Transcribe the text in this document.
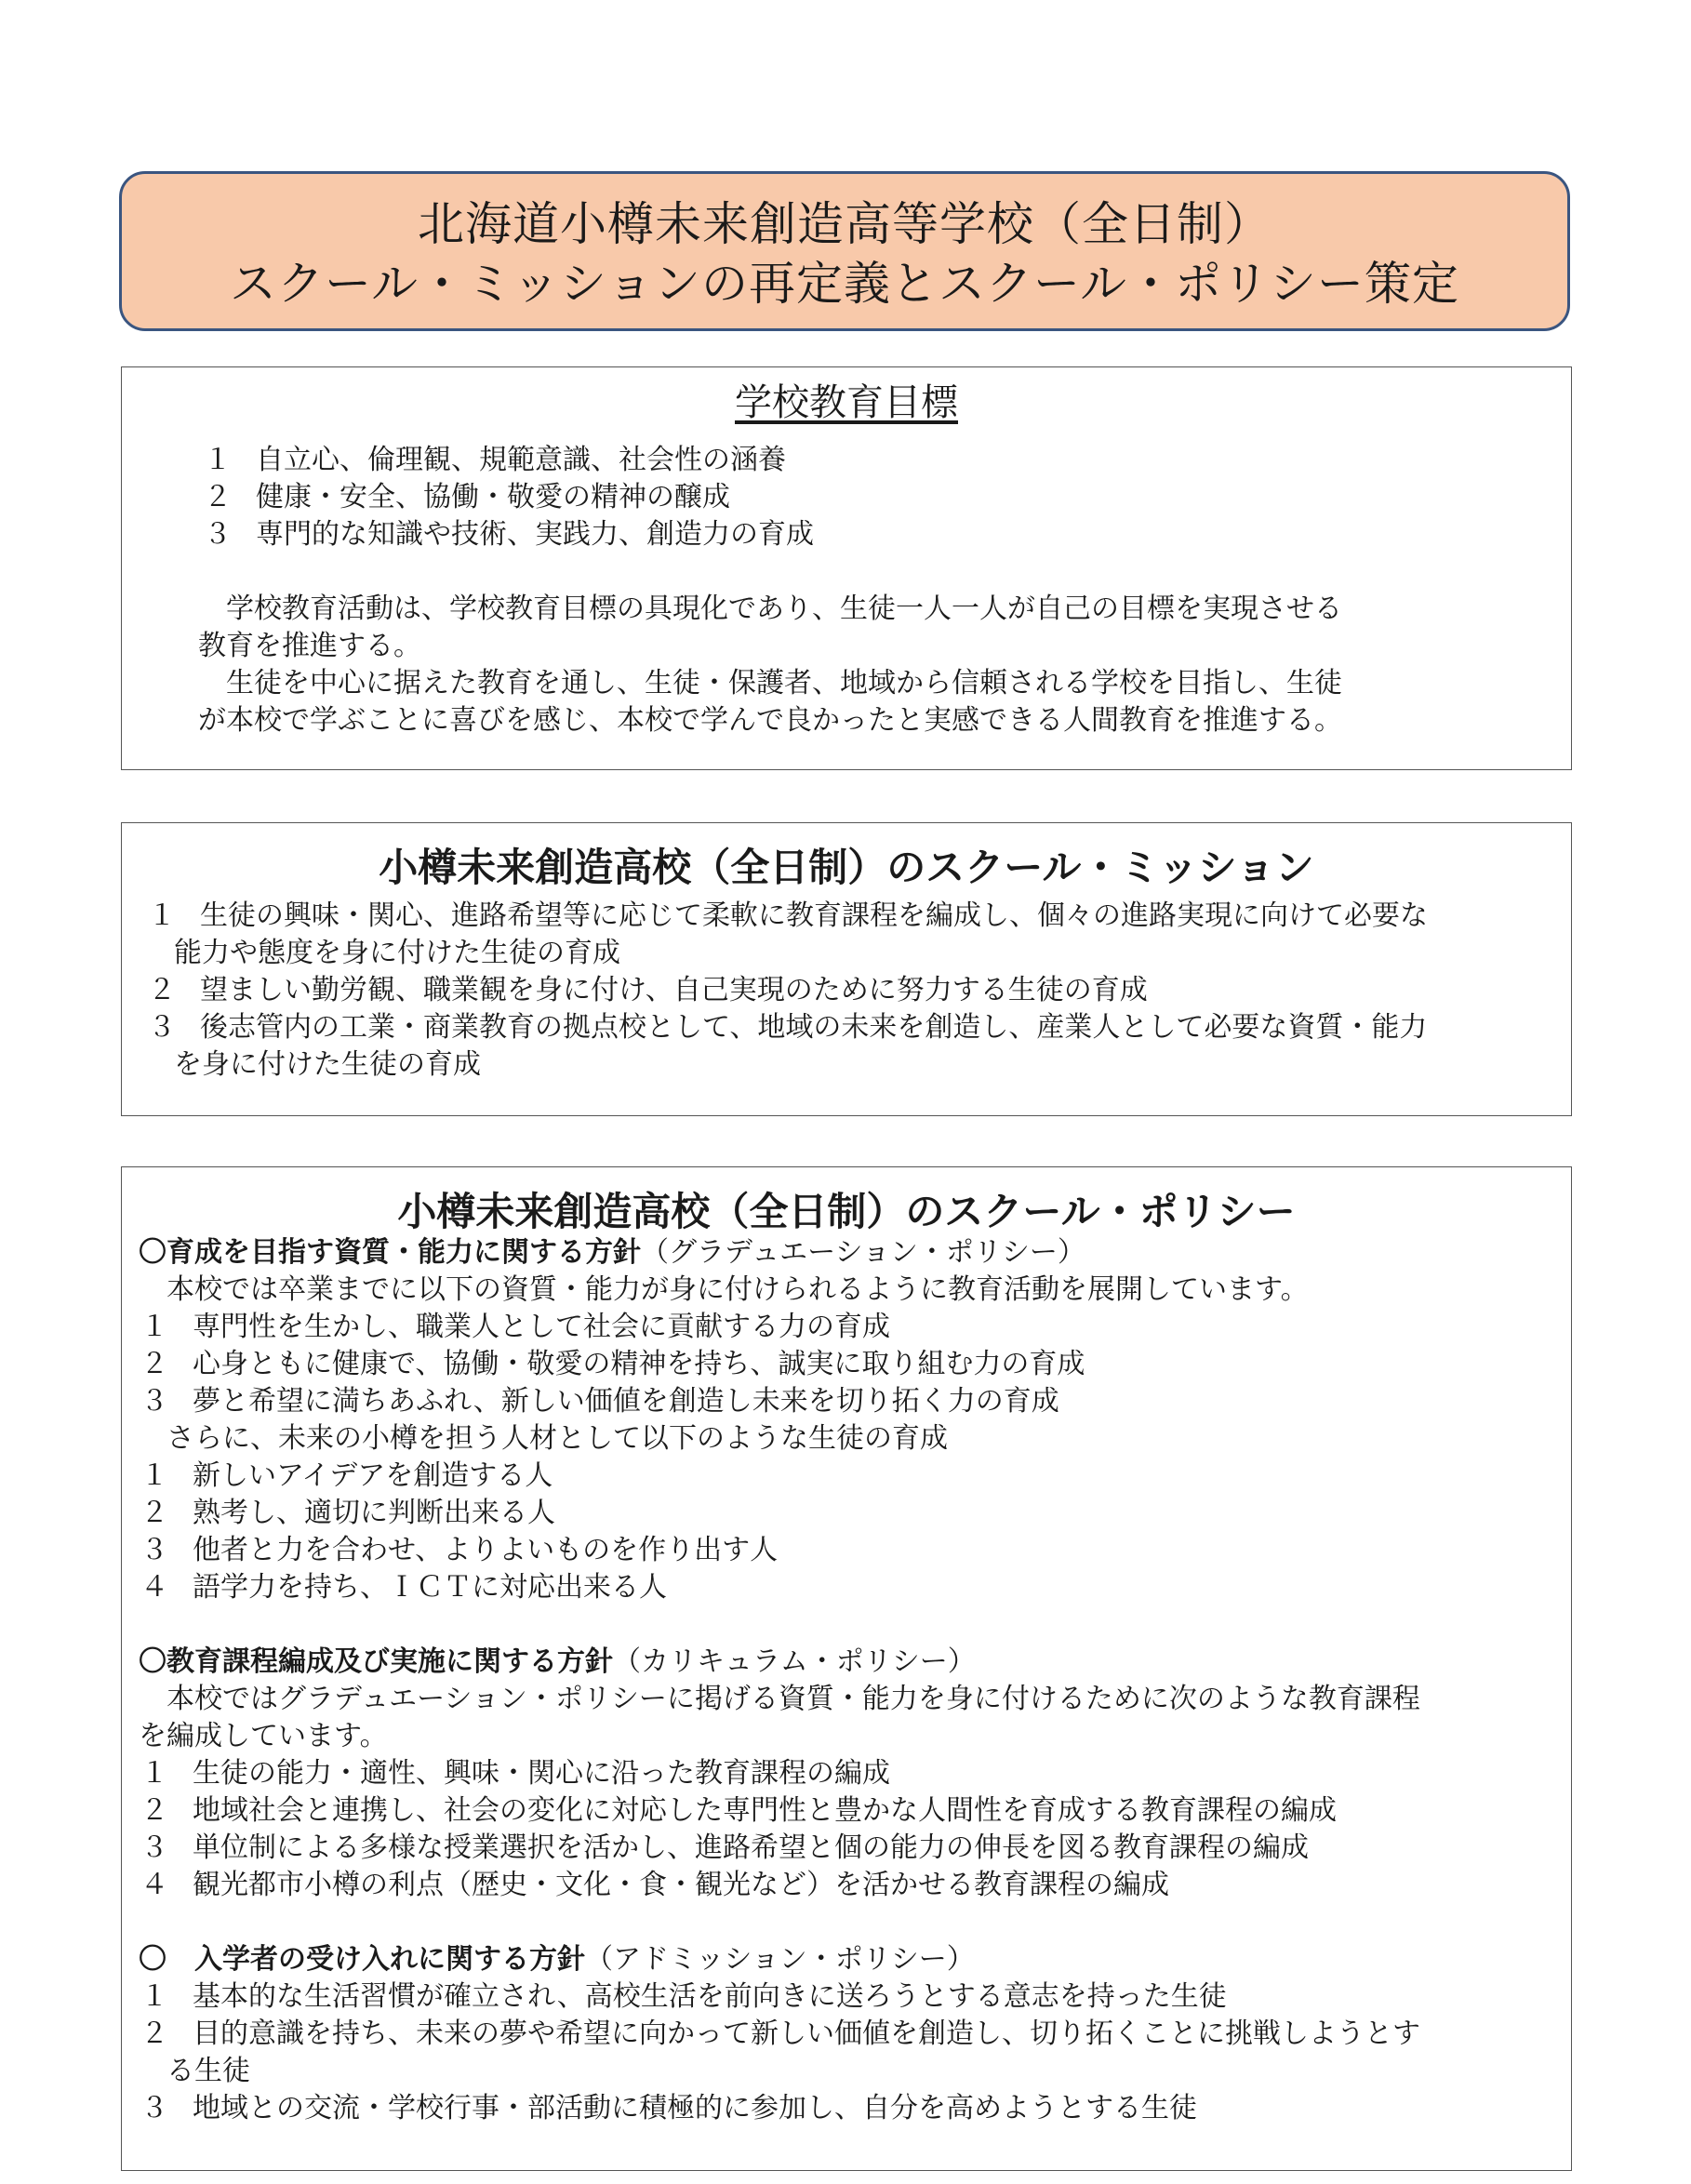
北海道小樽未来創造高等学校（全日制）
スクール・ミッションの再定義とスクール・ポリシー策定
学校教育目標
１ 自立心、倫理観、規範意識、社会性の涵養
２ 健康・安全、協働・敬愛の精神の醸成
３ 専門的な知識や技術、実践力、創造力の育成
学校教育活動は、学校教育目標の具現化であり、生徒一人一人が自己の目標を実現させる
教育を推進する。
生徒を中心に据えた教育を通し、生徒・保護者、地域から信頼される学校を目指し、生徒
が本校で学ぶことに喜びを感じ、本校で学んで良かったと実感できる人間教育を推進する。
小樽未来創造高校（全日制）のスクール・ミッション
１ 生徒の興味・関心、進路希望等に応じて柔軟に教育課程を編成し、個々の進路実現に向けて必要な
能力や態度を身に付けた生徒の育成
２ 望ましい勤労観、職業観を身に付け、自己実現のために努力する生徒の育成
３ 後志管内の工業・商業教育の拠点校として、地域の未来を創造し、産業人として必要な資質・能力
を身に付けた生徒の育成
小樽未来創造高校（全日制）のスクール・ポリシー
〇育成を目指す資質・能力に関する方針（グラデュエーション・ポリシー）
本校では卒業までに以下の資質・能力が身に付けられるように教育活動を展開しています。
１ 専門性を生かし、職業人として社会に貢献する力の育成
２ 心身ともに健康で、協働・敬愛の精神を持ち、誠実に取り組む力の育成
３ 夢と希望に満ちあふれ、新しい価値を創造し未来を切り拓く力の育成
さらに、未来の小樽を担う人材として以下のような生徒の育成
１ 新しいアイデアを創造する人
２ 熟考し、適切に判断出来る人
３ 他者と力を合わせ、よりよいものを作り出す人
４ 語学力を持ち、ＩＣＴに対応出来る人
〇教育課程編成及び実施に関する方針（カリキュラム・ポリシー）
本校ではグラデュエーション・ポリシーに掲げる資質・能力を身に付けるために次のような教育課程
を編成しています。
１ 生徒の能力・適性、興味・関心に沿った教育課程の編成
２ 地域社会と連携し、社会の変化に対応した専門性と豊かな人間性を育成する教育課程の編成
３ 単位制による多様な授業選択を活かし、進路希望と個の能力の伸長を図る教育課程の編成
４ 観光都市小樽の利点（歴史・文化・食・観光など）を活かせる教育課程の編成
〇　入学者の受け入れに関する方針（アドミッション・ポリシー）
１ 基本的な生活習慣が確立され、高校生活を前向きに送ろうとする意志を持った生徒
２ 目的意識を持ち、未来の夢や希望に向かって新しい価値を創造し、切り拓くことに挑戦しようとす
る生徒
３ 地域との交流・学校行事・部活動に積極的に参加し、自分を高めようとする生徒
